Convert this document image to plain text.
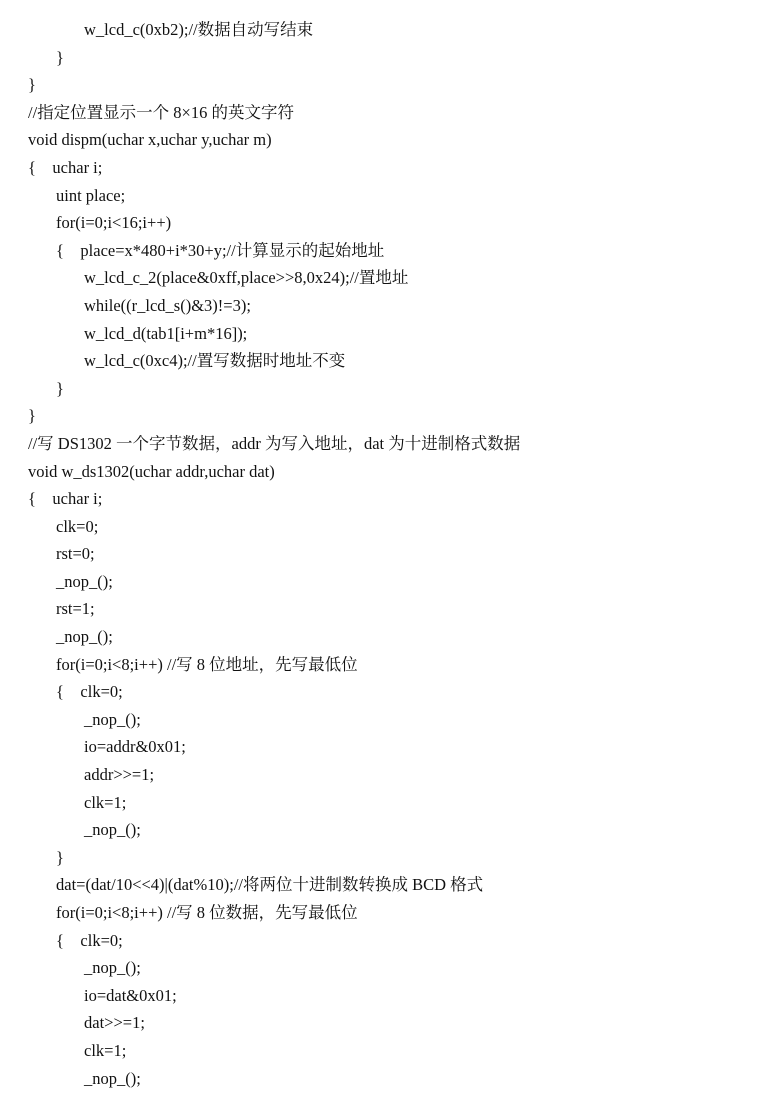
w_lcd_c(0xb2);//数据自动写结束
}
}
//指定位置显示一个 8×16 的英文字符
void dispm(uchar x,uchar y,uchar m)
{    uchar i;
uint place;
for(i=0;i<16;i++)
{    place=x*480+i*30+y;//计算显示的起始地址
w_lcd_c_2(place&0xff,place>>8,0x24);//置地址
while((r_lcd_s()&3)!=3);
w_lcd_d(tab1[i+m*16]);
w_lcd_c(0xc4);//置写数据时地址不变
}
}
//写 DS1302 一个字节数据，addr 为写入地址，dat 为十进制格式数据
void w_ds1302(uchar addr,uchar dat)
{    uchar i;
clk=0;
rst=0;
_nop_();
rst=1;
_nop_();
for(i=0;i<8;i++) //写 8 位地址，先写最低位
{    clk=0;
_nop_();
io=addr&0x01;
addr>>=1;
clk=1;
_nop_();
}
dat=(dat/10<<4)|(dat%10);//将两位十进制数转换成 BCD 格式
for(i=0;i<8;i++) //写 8 位数据，先写最低位
{    clk=0;
_nop_();
io=dat&0x01;
dat>>=1;
clk=1;
_nop_();
